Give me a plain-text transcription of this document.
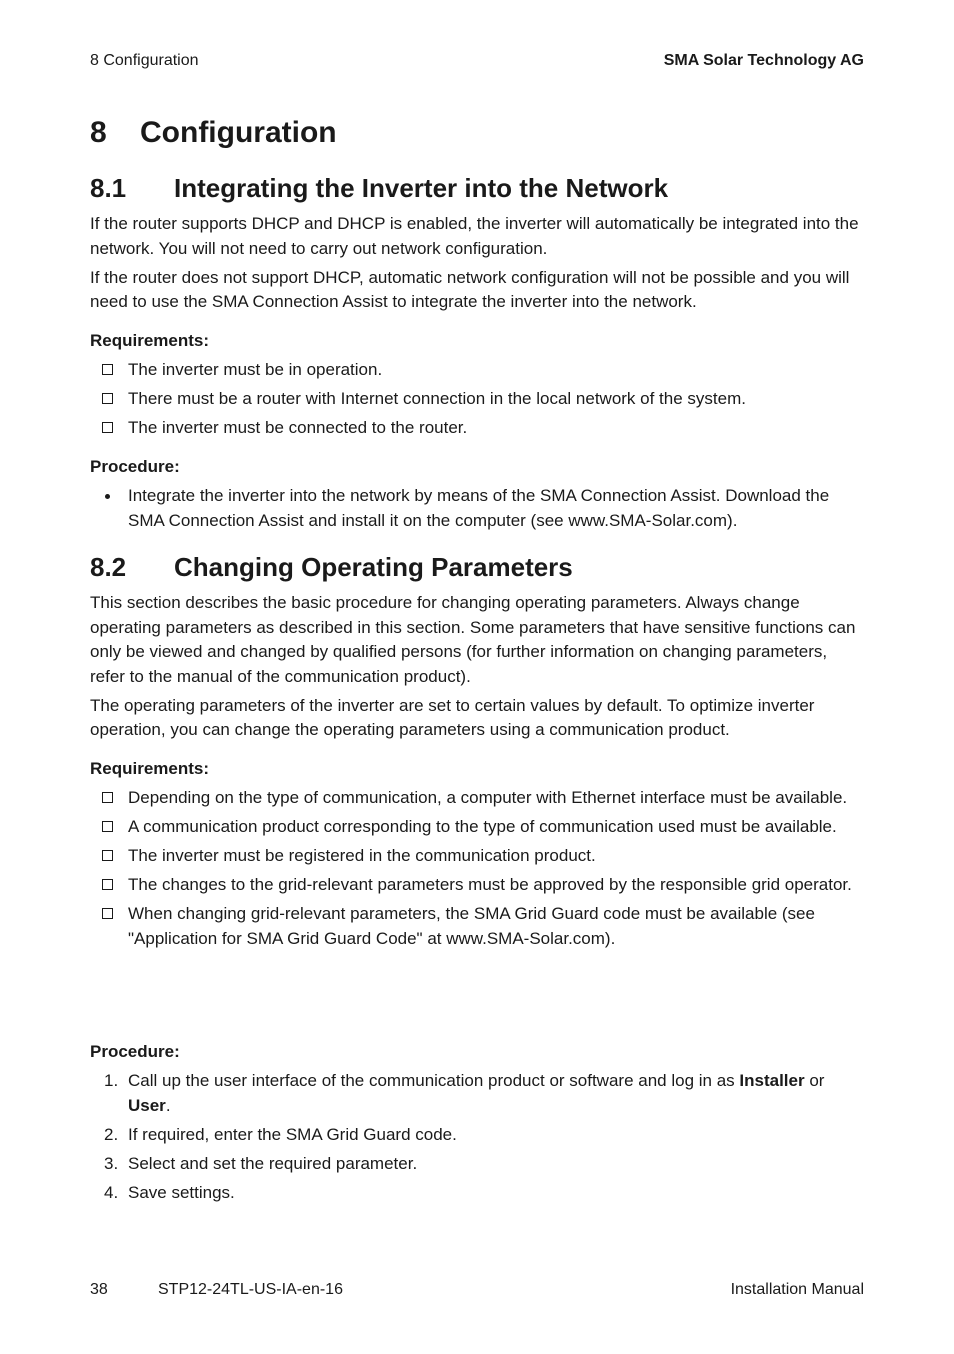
8 Configuration	SMA Solar Technology AG
8 Configuration
8.1 Integrating the Inverter into the Network

If the router supports DHCP and DHCP is enabled, the inverter will automatically be integrated into the network. You will not need to carry out network configuration.

If the router does not support DHCP, automatic network configuration will not be possible and you will need to use the SMA Connection Assist to integrate the inverter into the network.

Requirements:

The inverter must be in operation.
There must be a router with Internet connection in the local network of the system.
The inverter must be connected to the router.

Procedure:

Integrate the inverter into the network by means of the SMA Connection Assist. Download the SMA Connection Assist and install it on the computer (see www.SMA-Solar.com).
8.2 Changing Operating Parameters

This section describes the basic procedure for changing operating parameters. Always change operating parameters as described in this section. Some parameters that have sensitive functions can only be viewed and changed by qualified persons (for further information on changing parameters, refer to the manual of the communication product).

The operating parameters of the inverter are set to certain values by default. To optimize inverter operation, you can change the operating parameters using a communication product.

Requirements:

Depending on the type of communication, a computer with Ethernet interface must be available.
A communication product corresponding to the type of communication used must be available.
The inverter must be registered in the communication product.
The changes to the grid-relevant parameters must be approved by the responsible grid operator.
When changing grid-relevant parameters, the SMA Grid Guard code must be available (see "Application for SMA Grid Guard Code" at www.SMA-Solar.com).

Procedure:

1. Call up the user interface of the communication product or software and log in as Installer or User.
2. If required, enter the SMA Grid Guard code.
3. Select and set the required parameter.
4. Save settings.
38	STP12-24TL-US-IA-en-16	Installation Manual
